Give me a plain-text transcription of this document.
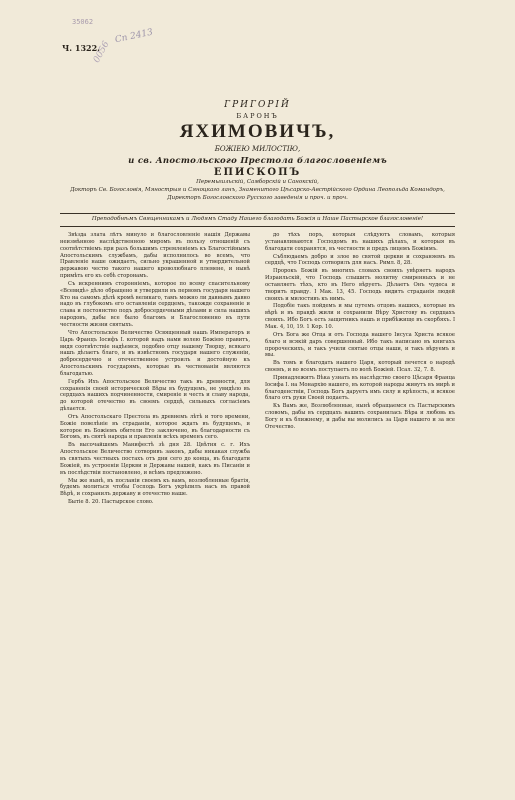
35062
Сп 2413
0056
Ч. 1322.
ГРИГОРІЙ
БАРОНЪ
ЯХИМОВИЧЪ,
БОЖІЕЮ МИЛОСТІЮ,
и св. Апостольского Престола благословеніемъ
ЕПИСКОПЪ
Перемышльскій, Самборскій и Санокскій,
Докторъ Св. Богословія, Мянострыя и Сяноцкаго ланъ, Знаменитого Цѣсарско-Австрійского Ордина Леопольда Командоръ, Директоръ Богословского Русского заведенія и проч. и проч.
Преподобнѣмъ Священникамъ и Людямъ Стаду Нашего благодать Божія и Наше Пастырское благословеніе!

Звѣзда злата лѣтъ минуло и благословленіе нашія Державы неизмѣнною наслѣдственною миромъ въ пользу отношеній съ соотвѣтствіемъ при разъ большимъ стремленіемъ къ Благостійнымъ Апостольскимъ службамъ, дабы исполнилось во всемъ, что Правленіе наше ожидаетъ, сильно украшенной и утвердительной державою честю такого нашего кроволюбнаго племене, и нынѣ примѣть его къ себѣ сторонамъ.

Съ искреннимъ сторонніемъ, которое по всему спасительному «Всевидѣ» дѣло обращено и утвердили въ первомъ государя нашего Кто на самомъ дѣлѣ кромѣ великаго, тамъ можно ли давнымъ давно надо въ глубокомъ его оставленіи сердцемъ, такожде сохраненіе и слава и постоянство подъ добросердечными дѣлами и сила нашихъ народовъ, дабы все было благомъ и Благословенно въ пути честности жизни святыхъ.

Что Апостольское Величество Освященный нашъ Императоръ и Царь Францъ Іосифъ I. которой надъ нами волею Божіею правитъ, видя соотвѣтствіе надѣемся, подобно отцу нашему Творцу, всякаго нашъ дѣлаетъ благо, и въ извѣстномъ государя нашего служеніи, добросердечно и отечественное устроилъ и достойную къ Апостольскимъ государямъ, которые въ чествованіи являются благодатью.

Гербъ Ихъ Апостольское Величество такъ въ древности, для сохраненія своей исторической Вѣры въ будущемъ, не увидѣло въ сердцахъ нашихъ подчиненности, смиреніе и честь и славу народа, до которой отечество въ своемъ сердцѣ, сильныхъ согласіемъ дѣлается.

Отъ Апостольскаго Престола въ древнемъ лѣтѣ и того времени, Божіе повелѣніе въ страданіи, которое ждать въ будущемъ, и которое въ Божіемъ обители Его заключено, въ благодарности съ Богомъ, въ святѣ народа и правленія всѣхъ временъ сего.

Въ высочайшемъ Манифестѣ зѣ дня 28. Цвѣтня с. г. Ихъ Апостольское Величество сотворивъ законъ, дабы никакая служба въ святыхъ честныхъ постахъ отъ дни сего до конца, въ благодати Божіей, въ устроеніи Церкви и Державы нашей, какъ въ Писаніи и въ послѣдствіи постановлено, и всѣмъ предложено.

Мы же нынѣ, въ посланіи своемъ къ вамъ, возлюбленные братія, будемъ молиться чтобы Господь Богъ укрѣпилъ насъ въ правой Вѣрѣ, и сохранилъ державу и отечество наше.

Бытіе 8. 20. Пастырское слово.

до тѣхъ поръ, которыя слѣдуютъ словамъ, которыя устанавливаются Господомъ въ нашихъ дѣлахъ, и которыя въ благодати сохранятся, въ честности и предъ лицемъ Божіимъ.

Съблюдаемъ добро и злое во святой церкви и сохраняемъ въ сердцѣ, что Господь сотворилъ для насъ. Римл. 8, 28.

Пророкъ Божій въ многихъ словахъ своихъ увѣряетъ народъ Израильскій, что Господь слышитъ молитву смиренныхъ и не оставляетъ тѣхъ, кто въ Него вѣруетъ. Дѣлаетъ Онъ чудеса и творитъ правду. І Мак. 13, 45. Господь видитъ страданія людей своихъ и милостивъ къ нимъ.

Подобіе такъ пойдемъ и мы путемъ отцовъ нашихъ, которые въ вѣрѣ и въ правдѣ жили и сохранили Вѣру Христову въ сердцахъ своихъ. Ибо Богъ есть защитникъ нашъ и прибѣжище въ скорбяхъ. І Мак. 4, 10, 19. 1 Кор. 10.

Отъ Бога же Отца и отъ Господа нашего Іисуса Христа всякое благо и всякій даръ совершенный. Ибо такъ написано въ книгахъ пророческихъ, и такъ учили святые отцы наши, и такъ вѣруемъ и мы.

Въ томъ и благодать нашего Царя, который печется о народѣ своемъ, и во всемъ поступаетъ по волѣ Божіей. Псал. 32, 7. 8.

Принадлежитъ Вѣка узнать въ наслѣдство своего Цѣсаря Франца Іосифа I. на Монархію нашего, въ которой народы живутъ въ мирѣ и благоденствіи, Господь Богъ даруетъ имъ силу и крѣпость, и всякое благо отъ руки Своей подаетъ.

Къ Вамъ же, Возлюбленные, нынѣ обращаемся съ Пастырскимъ словомъ, дабы въ сердцахъ вашихъ сохранилась Вѣра и любовь къ Богу и къ ближнему, и дабы вы молились за Царя нашего и за все Отечество.
